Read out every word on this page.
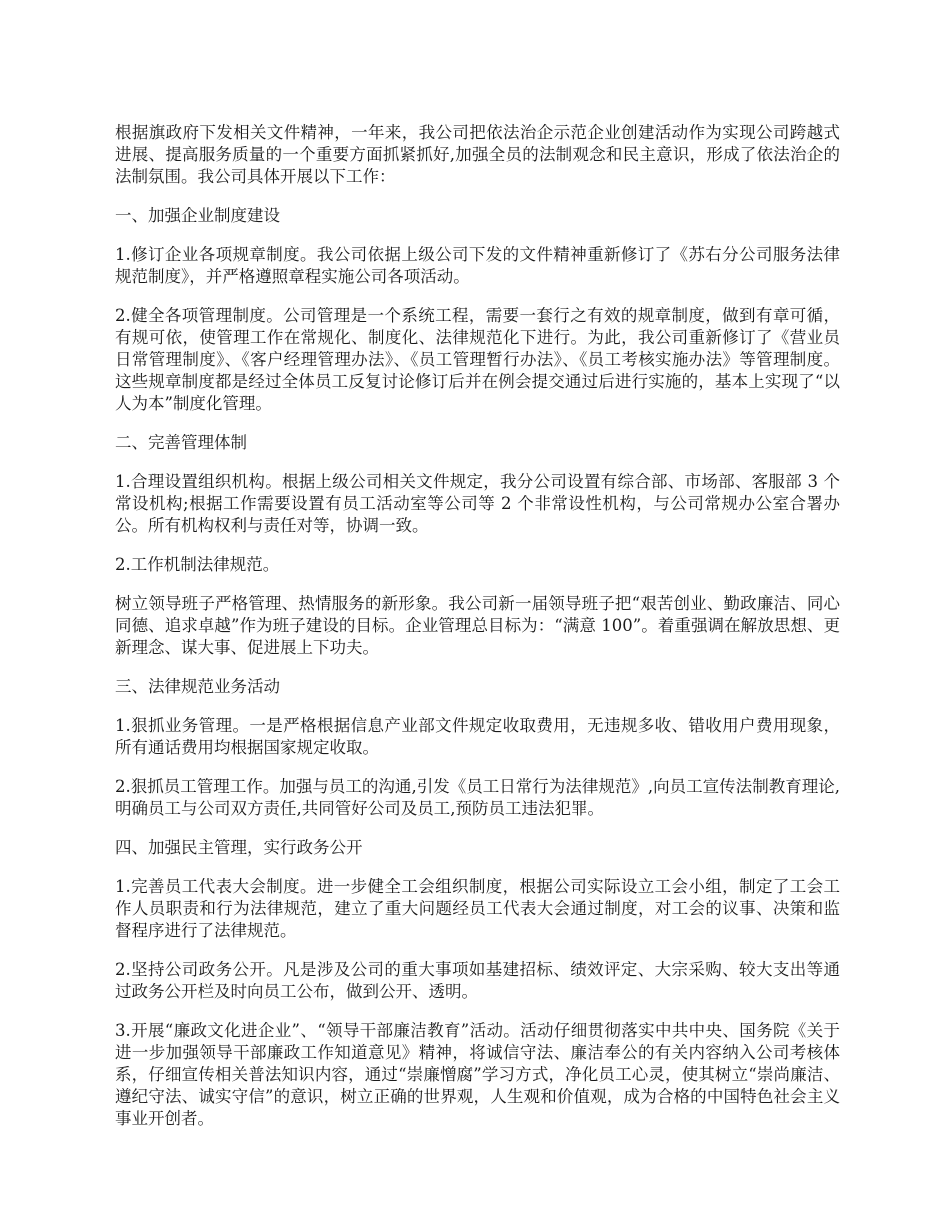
根据旗政府下发相关文件精神，一年来，我公司把依法治企示范企业创建活动作为实现公司跨越式进展、提高服务质量的一个重要方面抓紧抓好,加强全员的法制观念和民主意识，形成了依法治企的法制氛围。我公司具体开展以下工作：

一、加强企业制度建设

1.修订企业各项规章制度。我公司依据上级公司下发的文件精神重新修订了《苏右分公司服务法律规范制度》，并严格遵照章程实施公司各项活动。

2.健全各项管理制度。公司管理是一个系统工程，需要一套行之有效的规章制度，做到有章可循，有规可依，使管理工作在常规化、制度化、法律规范化下进行。为此，我公司重新修订了《营业员日常管理制度》、《客户经理管理办法》、《员工管理暂行办法》、《员工考核实施办法》等管理制度。这些规章制度都是经过全体员工反复讨论修订后并在例会提交通过后进行实施的，基本上实现了“以人为本”制度化管理。

二、完善管理体制

1.合理设置组织机构。根据上级公司相关文件规定，我分公司设置有综合部、市场部、客服部 3 个常设机构;根据工作需要设置有员工活动室等公司等 2 个非常设性机构，与公司常规办公室合署办公。所有机构权利与责任对等，协调一致。

2.工作机制法律规范。

树立领导班子严格管理、热情服务的新形象。我公司新一届领导班子把“艰苦创业、勤政廉洁、同心同德、追求卓越”作为班子建设的目标。企业管理总目标为：“满意 100”。着重强调在解放思想、更新理念、谋大事、促进展上下功夫。

三、法律规范业务活动

1.狠抓业务管理。一是严格根据信息产业部文件规定收取费用，无违规多收、错收用户费用现象，所有通话费用均根据国家规定收取。

2.狠抓员工管理工作。加强与员工的沟通,引发《员工日常行为法律规范》,向员工宣传法制教育理论,明确员工与公司双方责任,共同管好公司及员工,预防员工违法犯罪。

四、加强民主管理，实行政务公开

1.完善员工代表大会制度。进一步健全工会组织制度，根据公司实际设立工会小组，制定了工会工作人员职责和行为法律规范，建立了重大问题经员工代表大会通过制度，对工会的议事、决策和监督程序进行了法律规范。

2.坚持公司政务公开。凡是涉及公司的重大事项如基建招标、绩效评定、大宗采购、较大支出等通过政务公开栏及时向员工公布，做到公开、透明。

3.开展“廉政文化进企业”、“领导干部廉洁教育”活动。活动仔细贯彻落实中共中央、国务院《关于进一步加强领导干部廉政工作知道意见》精神，将诚信守法、廉洁奉公的有关内容纳入公司考核体系，仔细宣传相关普法知识内容，通过“崇廉憎腐”学习方式，净化员工心灵，使其树立“崇尚廉洁、遵纪守法、诚实守信”的意识，树立正确的世界观，人生观和价值观，成为合格的中国特色社会主义事业开创者。
